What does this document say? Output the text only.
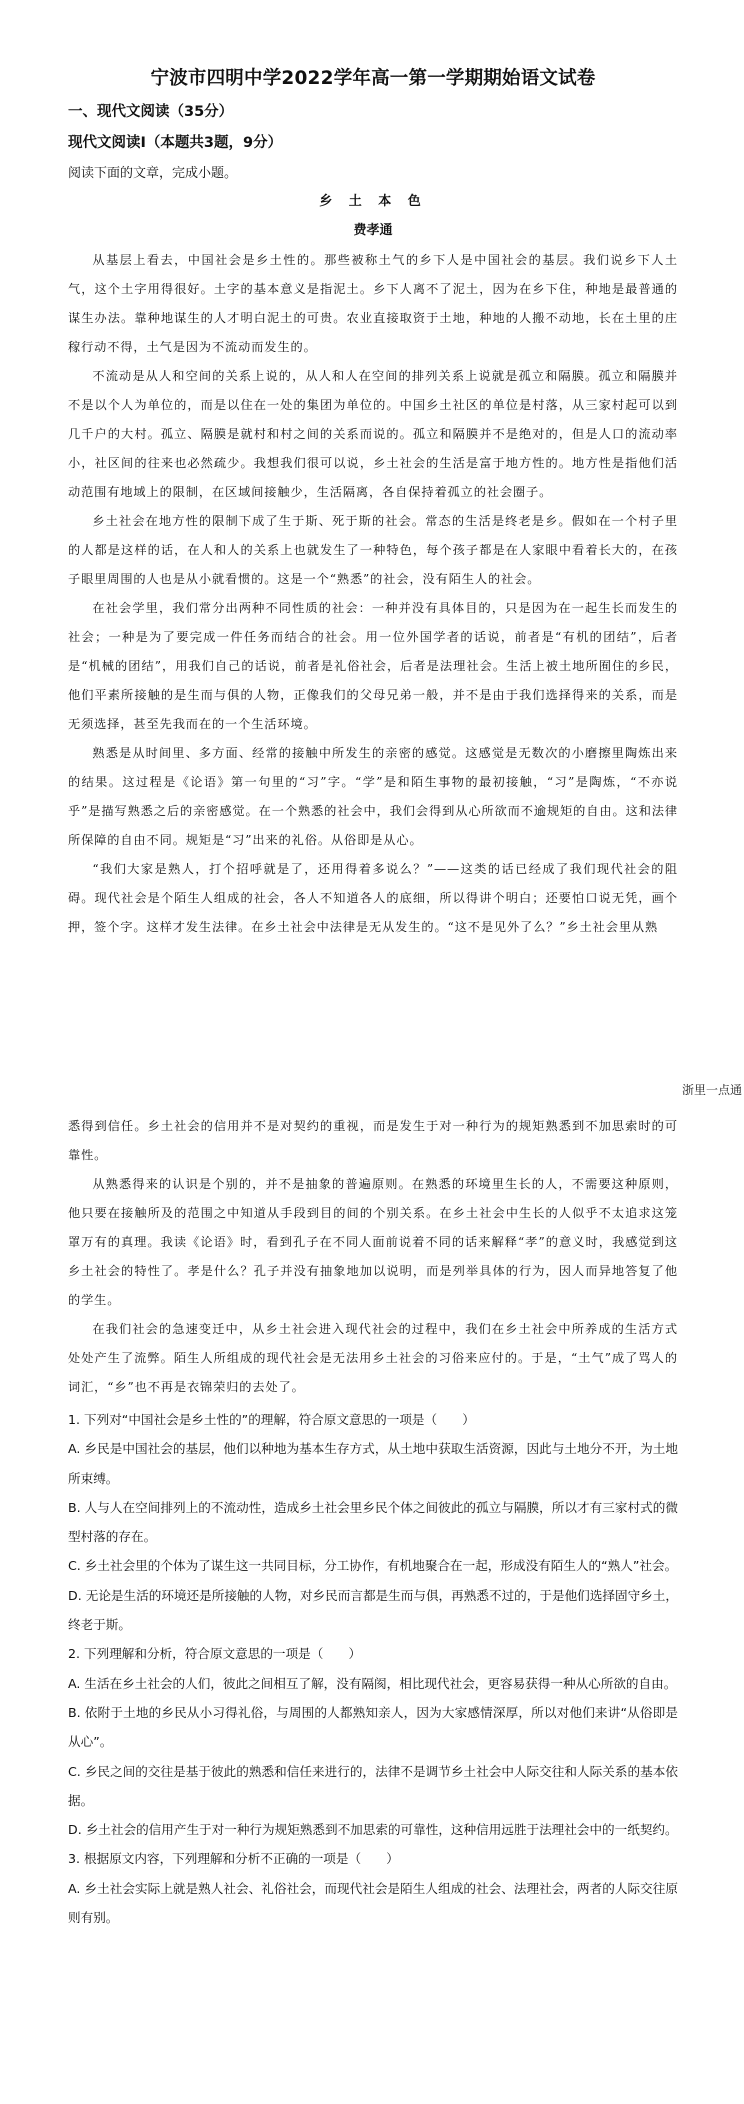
宁波市四明中学2022学年高一第一学期期始语文试卷
一、现代文阅读（35分）
现代文阅读Ⅰ（本题共3题，9分）
阅读下面的文章，完成小题。
乡 土 本 色
费孝通

从基层上看去，中国社会是乡土性的。那些被称土气的乡下人是中国社会的基层。我们说乡下人土气，这个土字用得很好。土字的基本意义是指泥土。乡下人离不了泥土，因为在乡下住，种地是最普通的谋生办法。靠种地谋生的人才明白泥土的可贵。农业直接取资于土地，种地的人搬不动地，长在土里的庄稼行动不得，土气是因为不流动而发生的。

不流动是从人和空间的关系上说的，从人和人在空间的排列关系上说就是孤立和隔膜。孤立和隔膜并不是以个人为单位的，而是以住在一处的集团为单位的。中国乡土社区的单位是村落，从三家村起可以到几千户的大村。孤立、隔膜是就村和村之间的关系而说的。孤立和隔膜并不是绝对的，但是人口的流动率小，社区间的往来也必然疏少。我想我们很可以说，乡土社会的生活是富于地方性的。地方性是指他们活动范围有地域上的限制，在区域间接触少，生活隔离，各自保持着孤立的社会圈子。

乡土社会在地方性的限制下成了生于斯、死于斯的社会。常态的生活是终老是乡。假如在一个村子里的人都是这样的话，在人和人的关系上也就发生了一种特色，每个孩子都是在人家眼中看着长大的，在孩子眼里周围的人也是从小就看惯的。这是一个“熟悉”的社会，没有陌生人的社会。

在社会学里，我们常分出两种不同性质的社会：一种并没有具体目的，只是因为在一起生长而发生的社会；一种是为了要完成一件任务而结合的社会。用一位外国学者的话说，前者是“有机的团结”，后者是“机械的团结”，用我们自己的话说，前者是礼俗社会，后者是法理社会。生活上被土地所囿住的乡民，他们平素所接触的是生而与俱的人物，正像我们的父母兄弟一般，并不是由于我们选择得来的关系，而是无须选择，甚至先我而在的一个生活环境。

熟悉是从时间里、多方面、经常的接触中所发生的亲密的感觉。这感觉是无数次的小磨擦里陶炼出来的结果。这过程是《论语》第一句里的“习”字。“学”是和陌生事物的最初接触，“习”是陶炼，“不亦说乎”是描写熟悉之后的亲密感觉。在一个熟悉的社会中，我们会得到从心所欲而不逾规矩的自由。这和法律所保障的自由不同。规矩是“习”出来的礼俗。从俗即是从心。

“我们大家是熟人，打个招呼就是了，还用得着多说么？”——这类的话已经成了我们现代社会的阻碍。现代社会是个陌生人组成的社会，各人不知道各人的底细，所以得讲个明白；还要怕口说无凭，画个押，签个字。这样才发生法律。在乡土社会中法律是无从发生的。“这不是见外了么？”乡土社会里从熟

浙里一点通

悉得到信任。乡土社会的信用并不是对契约的重视，而是发生于对一种行为的规矩熟悉到不加思索时的可靠性。

从熟悉得来的认识是个别的，并不是抽象的普遍原则。在熟悉的环境里生长的人，不需要这种原则，他只要在接触所及的范围之中知道从手段到目的间的个别关系。在乡土社会中生长的人似乎不太追求这笼罩万有的真理。我读《论语》时，看到孔子在不同人面前说着不同的话来解释“孝”的意义时，我感觉到这乡土社会的特性了。孝是什么？孔子并没有抽象地加以说明，而是列举具体的行为，因人而异地答复了他的学生。

在我们社会的急速变迁中，从乡土社会进入现代社会的过程中，我们在乡土社会中所养成的生活方式处处产生了流弊。陌生人所组成的现代社会是无法用乡土社会的习俗来应付的。于是，“土气”成了骂人的词汇，“乡”也不再是衣锦荣归的去处了。

1. 下列对“中国社会是乡土性的”的理解，符合原文意思的一项是（　　）

A. 乡民是中国社会的基层，他们以种地为基本生存方式，从土地中获取生活资源，因此与土地分不开，为土地所束缚。

B. 人与人在空间排列上的不流动性，造成乡土社会里乡民个体之间彼此的孤立与隔膜，所以才有三家村式的微型村落的存在。

C. 乡土社会里的个体为了谋生这一共同目标，分工协作，有机地聚合在一起，形成没有陌生人的“熟人”社会。

D. 无论是生活的环境还是所接触的人物，对乡民而言都是生而与俱，再熟悉不过的，于是他们选择固守乡土，终老于斯。

2. 下列理解和分析，符合原文意思的一项是（　　）

A. 生活在乡土社会的人们，彼此之间相互了解，没有隔阂，相比现代社会，更容易获得一种从心所欲的自由。

B. 依附于土地的乡民从小习得礼俗，与周围的人都熟知亲人，因为大家感情深厚，所以对他们来讲“从俗即是从心”。

C. 乡民之间的交往是基于彼此的熟悉和信任来进行的，法律不是调节乡土社会中人际交往和人际关系的基本依据。

D. 乡土社会的信用产生于对一种行为规矩熟悉到不加思索的可靠性，这种信用远胜于法理社会中的一纸契约。

3. 根据原文内容，下列理解和分析不正确的一项是（　　）

A. 乡土社会实际上就是熟人社会、礼俗社会，而现代社会是陌生人组成的社会、法理社会，两者的人际交往原则有别。
